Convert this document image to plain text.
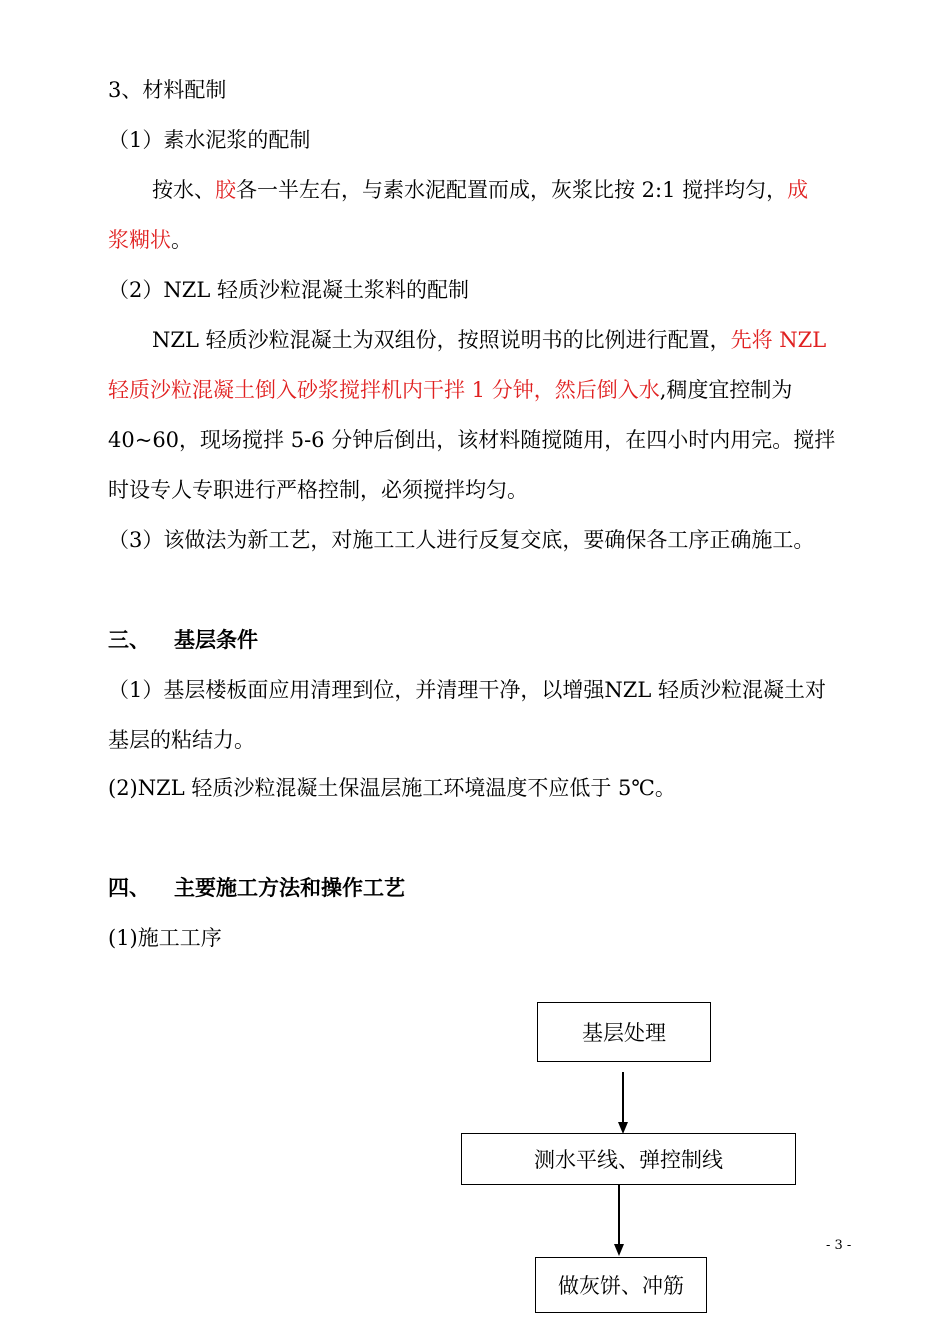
3、材料配制
（1）素水泥浆的配制
按水、胶各一半左右，与素水泥配置而成，灰浆比按 2:1 搅拌均匀，成
浆糊状。
（2）NZL 轻质沙粒混凝土浆料的配制
NZL 轻质沙粒混凝土为双组份，按照说明书的比例进行配置，先将 NZL
轻质沙粒混凝土倒入砂浆搅拌机内干拌 1 分钟，然后倒入水,稠度宜控制为
40~60，现场搅拌 5-6 分钟后倒出，该材料随搅随用，在四小时内用完。搅拌
时设专人专职进行严格控制，必须搅拌均匀。
（3）该做法为新工艺，对施工工人进行反复交底，要确保各工序正确施工。
三、 基层条件
（1）基层楼板面应用清理到位，并清理干净，以增强NZL 轻质沙粒混凝土对
基层的粘结力。
(2)NZL 轻质沙粒混凝土保温层施工环境温度不应低于 5℃。
四、 主要施工方法和操作工艺
(1)施工工序
基层处理
测水平线、弹控制线
做灰饼、冲筋
- 3 -
